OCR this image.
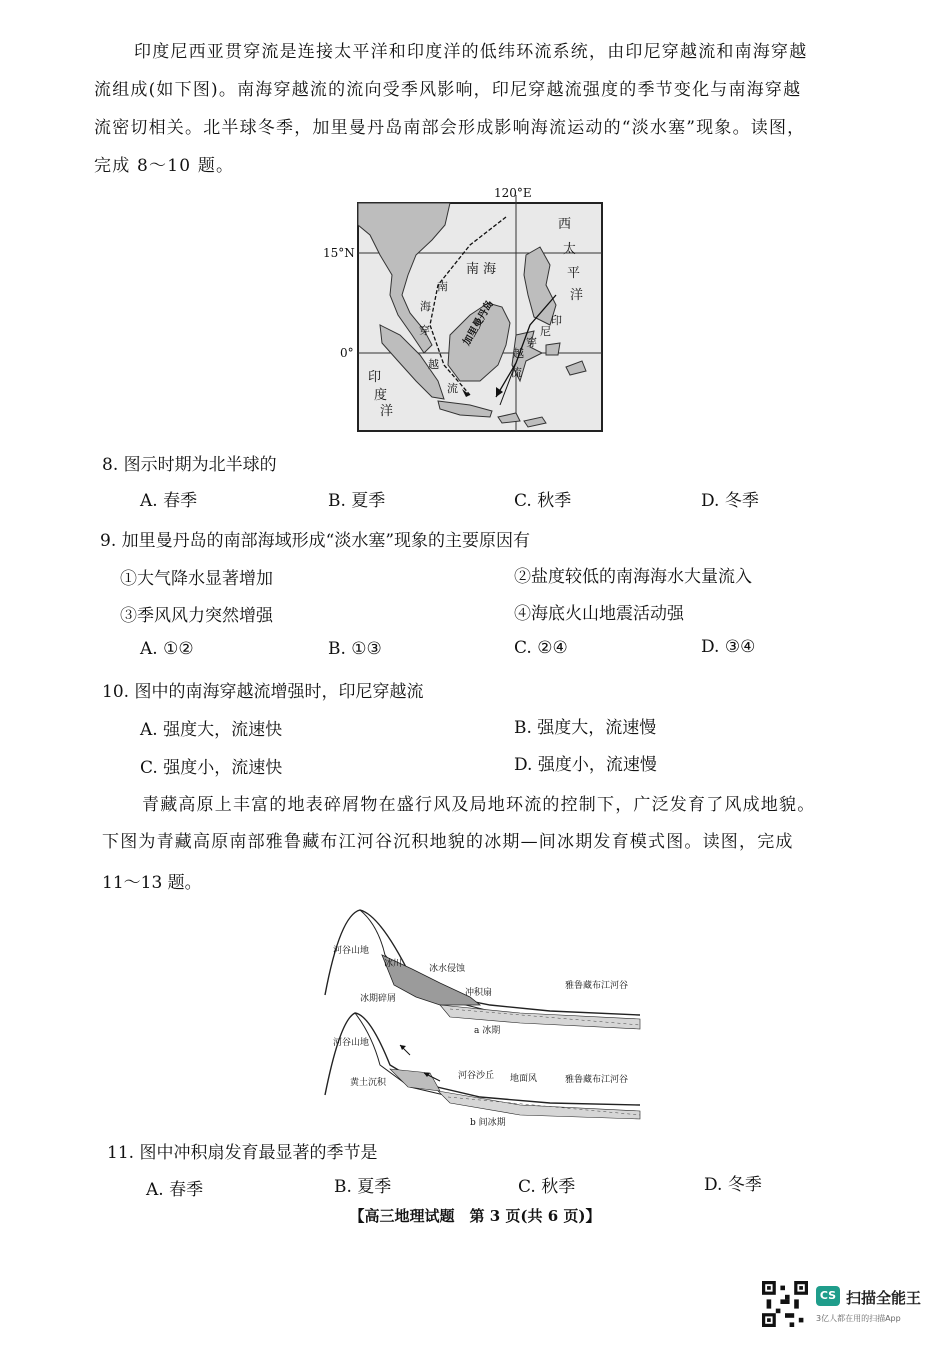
印度尼西亚贯穿流是连接太平洋和印度洋的低纬环流系统，由印尼穿越流和南海穿越
流组成(如下图)。南海穿越流的流向受季风影响，印尼穿越流强度的季节变化与南海穿越
流密切相关。北半球冬季，加里曼丹岛南部会形成影响海流运动的“淡水塞”现象。读图，
完成 8～10 题。
120°E
15°N
0°
西
太
平
洋
南 海
南
海
穿
越
流
印
尼
穿
越
流
印
度
洋
加里曼丹岛
8. 图示时期为北半球的
A. 春季	B. 夏季	C. 秋季	D. 冬季
9. 加里曼丹岛的南部海域形成“淡水塞”现象的主要原因有
①大气降水显著增加	②盐度较低的南海海水大量流入
③季风风力突然增强	④海底火山地震活动强
A. ①②	B. ①③	C. ②④	D. ③④
10. 图中的南海穿越流增强时，印尼穿越流
A. 强度大，流速快	B. 强度大，流速慢
C. 强度小，流速快	D. 强度小，流速慢
青藏高原上丰富的地表碎屑物在盛行风及局地环流的控制下，广泛发育了风成地貌。
下图为青藏高原南部雅鲁藏布江河谷沉积地貌的冰期—间冰期发育模式图。读图，完成
11～13 题。
河谷山地
冰川	冰水侵蚀
冲积扇
冰期碎屑
雅鲁藏布江河谷
a 冰期
河谷山地
黄土沉积
河谷沙丘 地面风	雅鲁藏布江河谷
b 间冰期
11. 图中冲积扇发育最显著的季节是
A. 春季	B. 夏季	C. 秋季	D. 冬季
【高三地理试题　第 3 页(共 6 页)】
CS 扫描全能王
3亿人都在用的扫描App
